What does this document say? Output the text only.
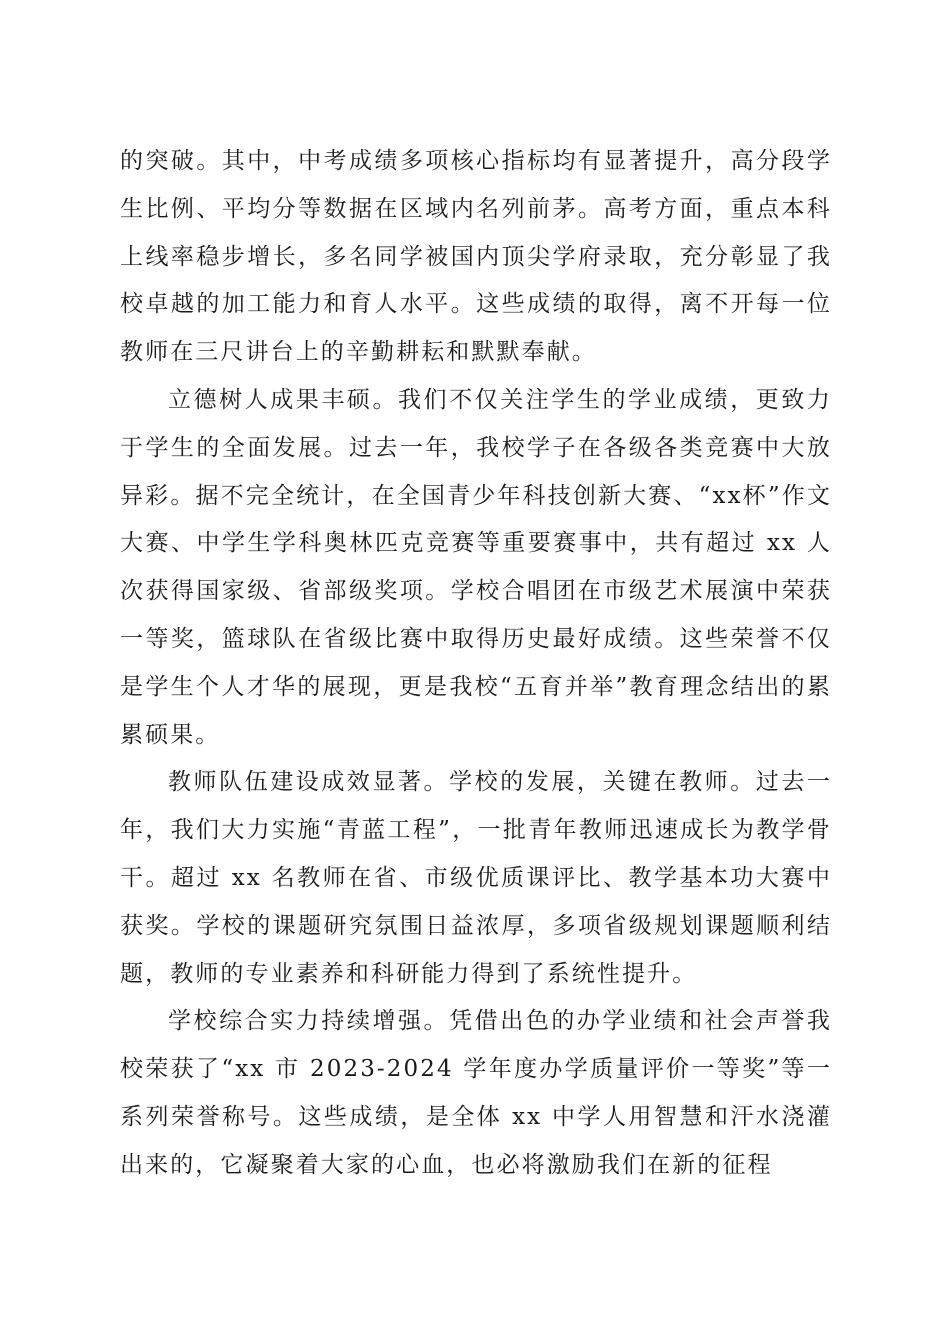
的突破。其中，中考成绩多项核心指标均有显著提升，高分段学生比例、平均分等数据在区域内名列前茅。高考方面，重点本科上线率稳步增长，多名同学被国内顶尖学府录取，充分彰显了我校卓越的加工能力和育人水平。这些成绩的取得，离不开每一位教师在三尺讲台上的辛勤耕耘和默默奉献。

立德树人成果丰硕。我们不仅关注学生的学业成绩，更致力于学生的全面发展。过去一年，我校学子在各级各类竞赛中大放异彩。据不完全统计，在全国青少年科技创新大赛、“xx杯”作文大赛、中学生学科奥林匹克竞赛等重要赛事中，共有超过 xx 人次获得国家级、省部级奖项。学校合唱团在市级艺术展演中荣获一等奖，篮球队在省级比赛中取得历史最好成绩。这些荣誉不仅是学生个人才华的展现，更是我校“五育并举”教育理念结出的累累硕果。

教师队伍建设成效显著。学校的发展，关键在教师。过去一年，我们大力实施“青蓝工程”，一批青年教师迅速成长为教学骨干。超过 xx 名教师在省、市级优质课评比、教学基本功大赛中获奖。学校的课题研究氛围日益浓厚，多项省级规划课题顺利结题，教师的专业素养和科研能力得到了系统性提升。

学校综合实力持续增强。凭借出色的办学业绩和社会声誉我校荣获了“xx 市 2023-2024 学年度办学质量评价一等奖”等一系列荣誉称号。这些成绩，是全体 xx 中学人用智慧和汗水浇灌出来的，它凝聚着大家的心血，也必将激励我们在新的征程
